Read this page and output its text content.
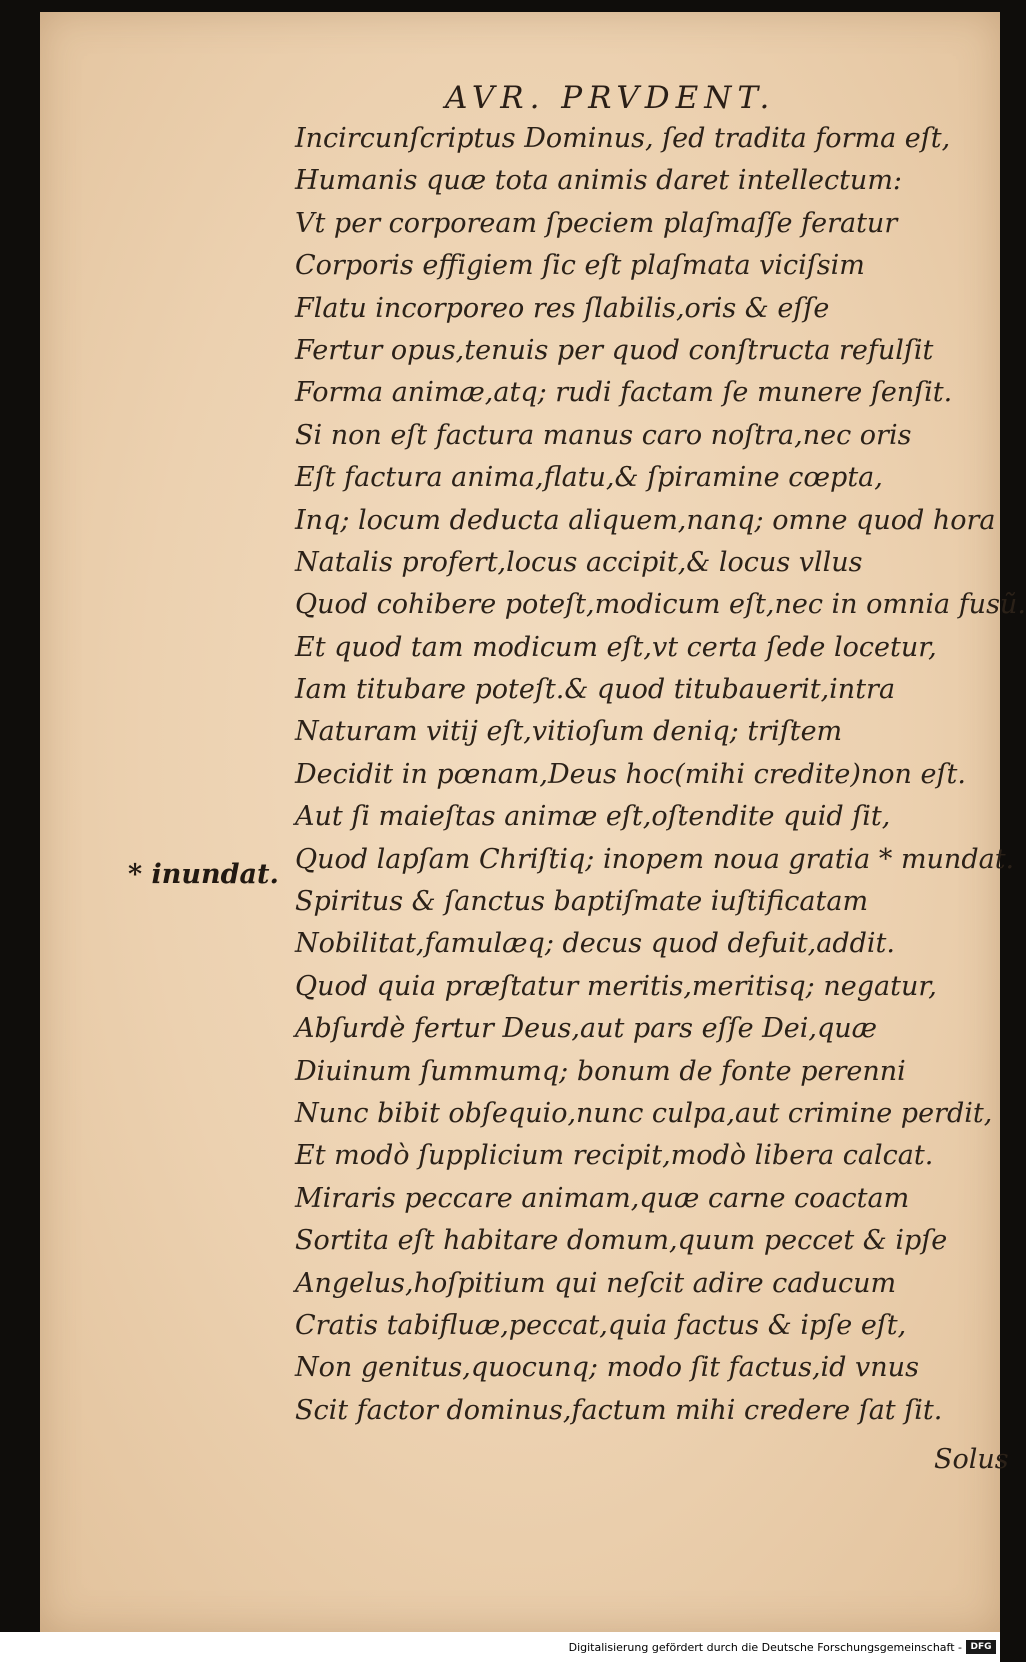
AVR. PRVDENT.
* inundat.
Incircunſcriptus Dominus, ſed tradita forma eſt,
Humanis quæ tota animis daret intellectum:
Vt per corpoream ſpeciem plaſmaſſe feratur
Corporis effigiem ſic eſt plaſmata viciſsim
Flatu incorporeo res ſlabilis,oris & eſſe
Fertur opus,tenuis per quod conſtructa refulſit
Forma animæ,atq; rudi factam ſe munere ſenſit.
Si non eſt factura manus caro noſtra,nec oris
Eſt factura anima,flatu,& ſpiramine cœpta,
Inq; locum deducta aliquem,nanq; omne quod hora
Natalis profert,locus accipit,& locus vllus
Quod cohibere poteſt,modicum eſt,nec in omnia fusũ.
Et quod tam modicum eſt,vt certa ſede locetur,
Iam titubare poteſt.& quod titubauerit,intra
Naturam vitij eſt,vitioſum deniq; triſtem
Decidit in pœnam,Deus hoc(mihi credite)non eſt.
Aut ſi maieſtas animæ eſt,oſtendite quid ſit,
Quod lapſam Chriſtiq; inopem noua gratia * mundat.
Spiritus & ſanctus baptiſmate iuſtificatam
Nobilitat,famulæq; decus quod defuit,addit.
Quod quia præſtatur meritis,meritisq; negatur,
Abſurdè fertur Deus,aut pars eſſe Dei,quæ
Diuinum ſummumq; bonum de fonte perenni
Nunc bibit obſequio,nunc culpa,aut crimine perdit,
Et modò ſupplicium recipit,modò libera calcat.
Miraris peccare animam,quæ carne coactam
Sortita eſt habitare domum,quum peccet & ipſe
Angelus,hoſpitium qui neſcit adire caducum
Cratis tabifluæ,peccat,quia factus & ipſe eſt,
Non genitus,quocunq; modo ſit factus,id vnus
Scit factor dominus,factum mihi credere ſat ſit.
Solus
Digitalisierung gefördert durch die Deutsche Forschungsgemeinschaft - DFG
